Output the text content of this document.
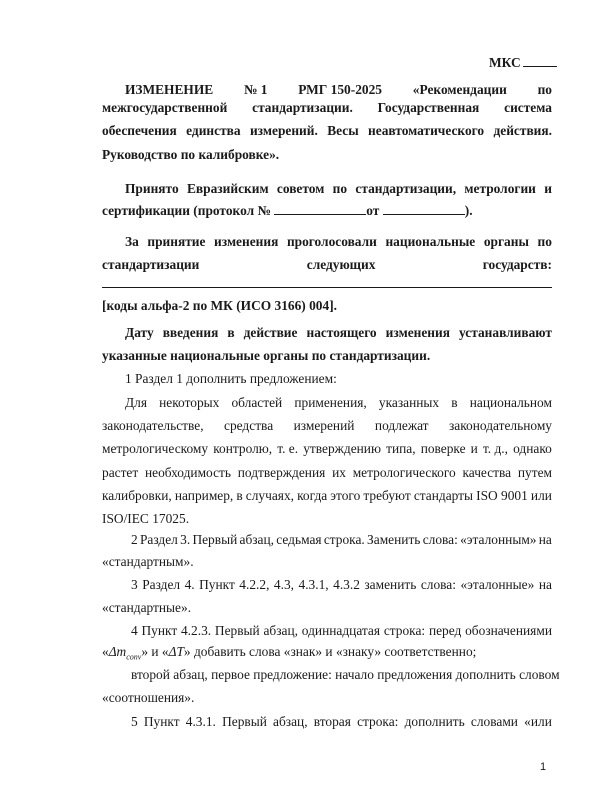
МКС
ИЗМЕНЕНИЕ № 1 РМГ 150-2025 «Рекомендации по
межгосударственной стандартизации. Государственная система
обеспечения единства измерений. Весы неавтоматического действия.
Руководство по калибровке».
Принято Евразийским советом по стандартизации, метрологии и
сертификации (протокол №	от	).
За принятие изменения проголосовали национальные органы по
стандартизации	следующих	государств:
[коды альфа-2 по МК (ИСО 3166) 004].
Дату введения в действие настоящего изменения устанавливают
указанные национальные органы по стандартизации.
1 Раздел 1 дополнить предложением:
Для некоторых областей применения, указанных в национальном
законодательстве, средства измерений подлежат законодательному
метрологическому контролю, т. е. утверждению типа, поверке и т. д., однако
растет необходимость подтверждения их метрологического качества путем
калибровки, например, в случаях, когда этого требуют стандарты ISO 9001 или
ISO/IEC 17025.
2 Раздел 3. Первый абзац, седьмая строка. Заменить слова: «эталонным» на
«стандартным».
3 Раздел 4. Пункт 4.2.2, 4.3, 4.3.1, 4.3.2 заменить слова: «эталонные» на
«стандартные».
4 Пункт 4.2.3. Первый абзац, одиннадцатая строка: перед обозначениями
«$\Delta m_{conv}$» и «ΔT» добавить слова «знак» и «знаку» соответственно;
второй абзац, первое предложение: начало предложения дополнить словом
«соотношения».
5 Пункт 4.3.1. Первый абзац, вторая строка: дополнить словами «или
1
